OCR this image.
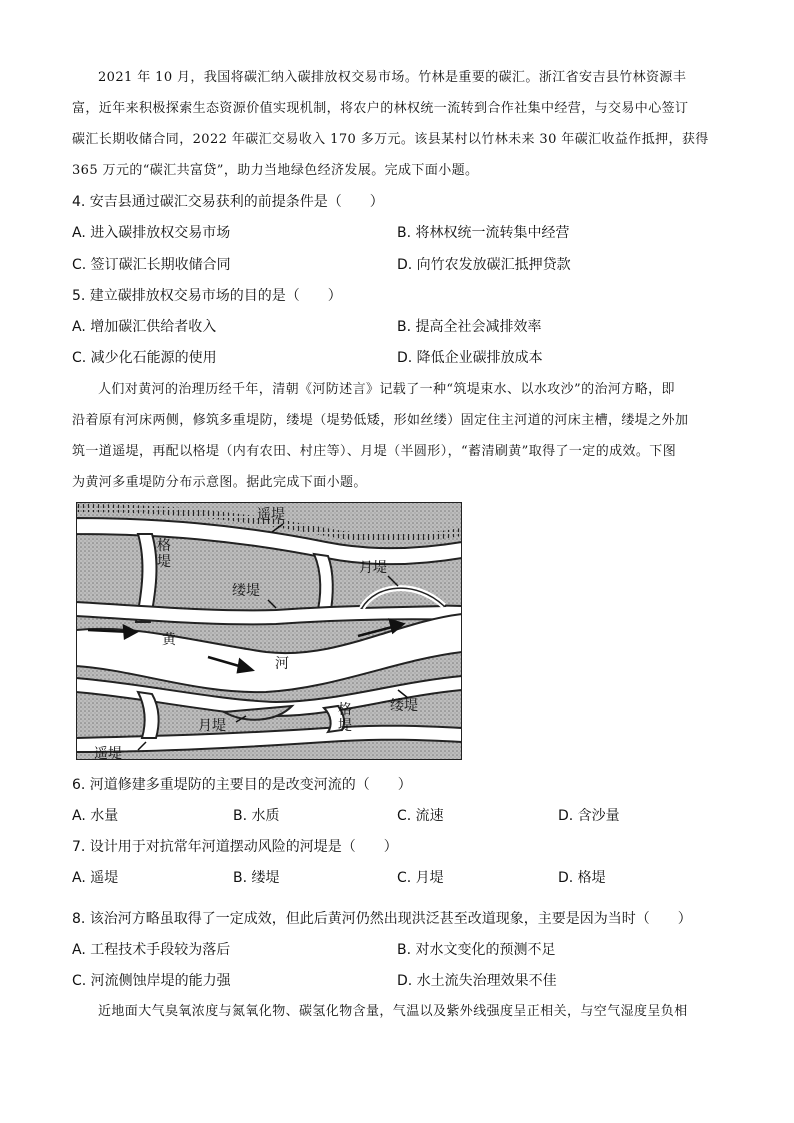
2021 年 10 月，我国将碳汇纳入碳排放权交易市场。竹林是重要的碳汇。浙江省安吉县竹林资源丰

富，近年来积极探索生态资源价值实现机制，将农户的林权统一流转到合作社集中经营，与交易中心签订

碳汇长期收储合同，2022 年碳汇交易收入 170 多万元。该县某村以竹林未来 30 年碳汇收益作抵押，获得

365 万元的“碳汇共富贷”，助力当地绿色经济发展。完成下面小题。

4. 安吉县通过碳汇交易获利的前提条件是（　　）
A. 进入碳排放权交易市场	B. 将林权统一流转集中经营
C. 签订碳汇长期收储合同	D. 向竹农发放碳汇抵押贷款
5. 建立碳排放权交易市场的目的是（　　）
A. 增加碳汇供给者收入	B. 提高全社会减排效率
C. 减少化石能源的使用	D. 降低企业碳排放成本

人们对黄河的治理历经千年，清朝《河防述言》记载了一种“筑堤束水、以水攻沙”的治河方略，即

沿着原有河床两侧，修筑多重堤防，缕堤（堤势低矮，形如丝缕）固定住主河道的河床主槽，缕堤之外加

筑一道遥堤，再配以格堤（内有农田、村庄等）、月堤（半圆形），“蓄清刷黄”取得了一定的成效。下图

为黄河多重堤防分布示意图。据此完成下面小题。

遥堤
格堤	月堤
缕堤
黄
河
月堤
格堤
缕堤
遥堤
6. 河道修建多重堤防的主要目的是改变河流的（　　）
A. 水量	B. 水质	C. 流速	D. 含沙量
7. 设计用于对抗常年河道摆动风险的河堤是（　　）
A. 遥堤	B. 缕堤	C. 月堤	D. 格堤
8. 该治河方略虽取得了一定成效，但此后黄河仍然出现洪泛甚至改道现象，主要是因为当时（　　）
A. 工程技术手段较为落后	B. 对水文变化的预测不足
C. 河流侧蚀岸堤的能力强	D. 水土流失治理效果不佳

近地面大气臭氧浓度与氮氧化物、碳氢化物含量，气温以及紫外线强度呈正相关，与空气湿度呈负相
